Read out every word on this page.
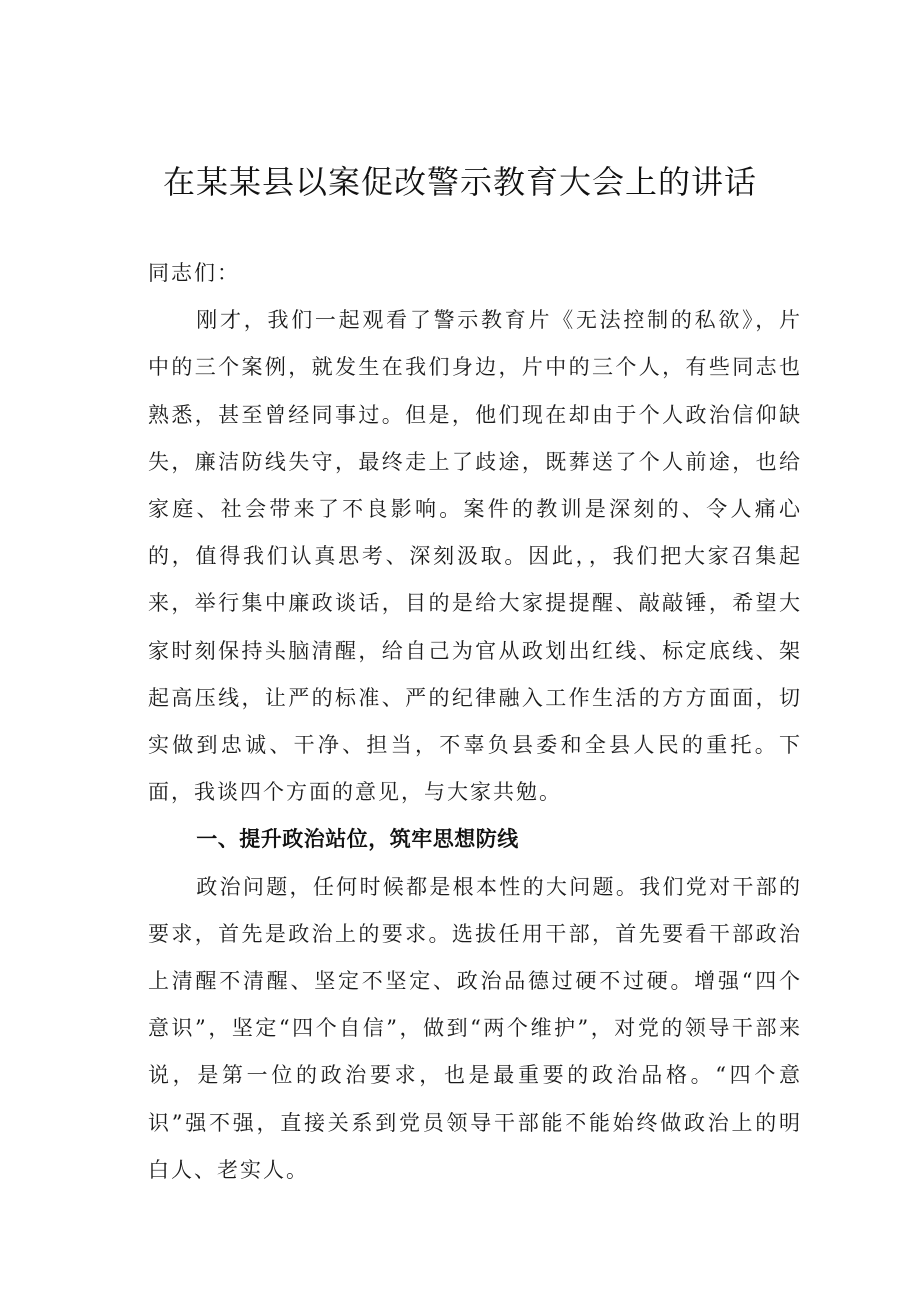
在某某县以案促改警示教育大会上的讲话

同志们：

刚才，我们一起观看了警示教育片《无法控制的私欲》，片中的三个案例，就发生在我们身边，片中的三个人，有些同志也熟悉，甚至曾经同事过。但是，他们现在却由于个人政治信仰缺失，廉洁防线失守，最终走上了歧途，既葬送了个人前途，也给家庭、社会带来了不良影响。案件的教训是深刻的、令人痛心的，值得我们认真思考、深刻汲取。因此，，我们把大家召集起来，举行集中廉政谈话，目的是给大家提提醒、敲敲锤，希望大家时刻保持头脑清醒，给自己为官从政划出红线、标定底线、架起高压线，让严的标准、严的纪律融入工作生活的方方面面，切实做到忠诚、干净、担当，不辜负县委和全县人民的重托。下面，我谈四个方面的意见，与大家共勉。

一、提升政治站位，筑牢思想防线

政治问题，任何时候都是根本性的大问题。我们党对干部的要求，首先是政治上的要求。选拔任用干部，首先要看干部政治上清醒不清醒、坚定不坚定、政治品德过硬不过硬。增强“四个意识”，坚定“四个自信”，做到“两个维护”，对党的领导干部来说，是第一位的政治要求，也是最重要的政治品格。“四个意识”强不强，直接关系到党员领导干部能不能始终做政治上的明白人、老实人。
